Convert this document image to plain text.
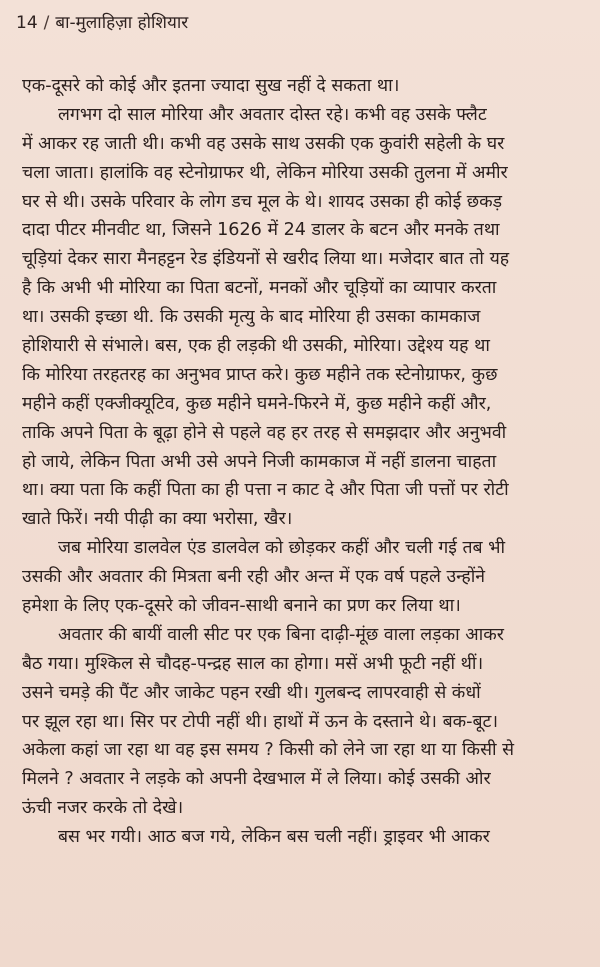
14 / बा-मुलाहिज़ा होशियार
एक-दूसरे को कोई और इतना ज्यादा सुख नहीं दे सकता था।
लगभग दो साल मोरिया और अवतार दोस्त रहे। कभी वह उसके फ्लैट
में आकर रह जाती थी। कभी वह उसके साथ उसकी एक कुवांरी सहेली के घर
चला जाता। हालांकि वह स्टेनोग्राफर थी, लेकिन मोरिया उसकी तुलना में अमीर
घर से थी। उसके परिवार के लोग डच मूल के थे। शायद उसका ही कोई छकड़
दादा पीटर मीनवीट था, जिसने 1626 में 24 डालर के बटन और मनके तथा
चूड़ियां देकर सारा मैनहट्टन रेड इंडियनों से खरीद लिया था। मजेदार बात तो यह
है कि अभी भी मोरिया का पिता बटनों, मनकों और चूड़ियों का व्यापार करता
था। उसकी इच्छा थी. कि उसकी मृत्यु के बाद मोरिया ही उसका कामकाज
होशियारी से संभाले। बस, एक ही लड़की थी उसकी, मोरिया। उद्देश्य यह था
कि मोरिया तरहतरह का अनुभव प्राप्त करे। कुछ महीने तक स्टेनोग्राफर, कुछ
महीने कहीं एक्जीक्यूटिव, कुछ महीने घमने-फिरने में, कुछ महीने कहीं और,
ताकि अपने पिता के बूढ़ा होने से पहले वह हर तरह से समझदार और अनुभवी
हो जाये, लेकिन पिता अभी उसे अपने निजी कामकाज में नहीं डालना चाहता
था। क्या पता कि कहीं पिता का ही पत्ता न काट दे और पिता जी पत्तों पर रोटी
खाते फिरें। नयी पीढ़ी का क्या भरोसा, खैर।
जब मोरिया डालवेल एंड डालवेल को छोड़कर कहीं और चली गई तब भी
उसकी और अवतार की मित्रता बनी रही और अन्त में एक वर्ष पहले उन्होंने
हमेशा के लिए एक-दूसरे को जीवन-साथी बनाने का प्रण कर लिया था।
अवतार की बायीं वाली सीट पर एक बिना दाढ़ी-मूंछ वाला लड़का आकर
बैठ गया। मुश्किल से चौदह-पन्द्रह साल का होगा। मसें अभी फूटी नहीं थीं।
उसने चमड़े की पैंट और जाकेट पहन रखी थी। गुलबन्द लापरवाही से कंधों
पर झूल रहा था। सिर पर टोपी नहीं थी। हाथों में ऊन के दस्ताने थे। बक-बूट।
अकेला कहां जा रहा था वह इस समय ? किसी को लेने जा रहा था या किसी से
मिलने ? अवतार ने लड़के को अपनी देखभाल में ले लिया। कोई उसकी ओर
ऊंची नजर करके तो देखे।
बस भर गयी। आठ बज गये, लेकिन बस चली नहीं। ड्राइवर भी आकर
